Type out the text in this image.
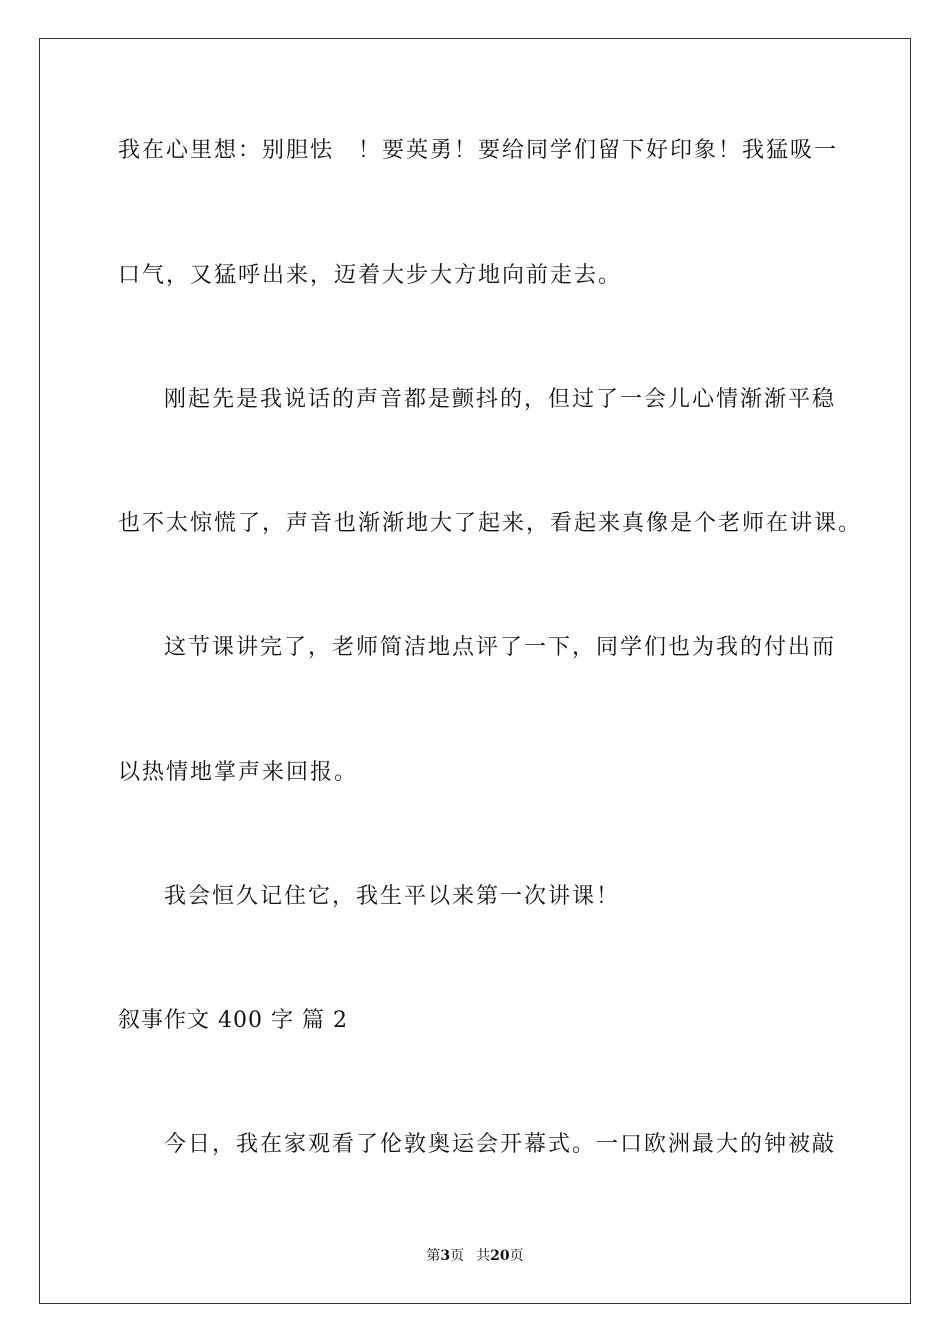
我在心里想：别胆怯　！要英勇！要给同学们留下好印象！我猛吸一
口气，又猛呼出来，迈着大步大方地向前走去。
刚起先是我说话的声音都是颤抖的，但过了一会儿心情渐渐平稳
也不太惊慌了，声音也渐渐地大了起来，看起来真像是个老师在讲课。
这节课讲完了，老师简洁地点评了一下，同学们也为我的付出而
以热情地掌声来回报。
我会恒久记住它，我生平以来第一次讲课！
叙事作文 400 字 篇 2
今日，我在家观看了伦敦奥运会开幕式。一口欧洲最大的钟被敲
第3页 共20页
